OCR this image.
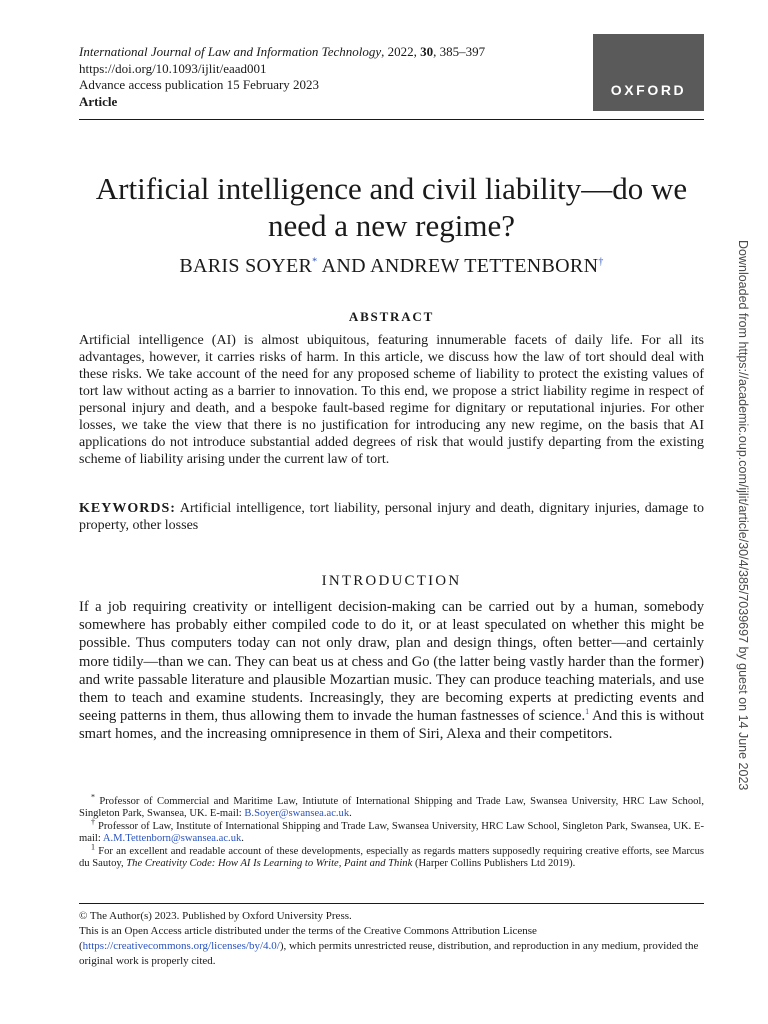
International Journal of Law and Information Technology, 2022, 30, 385–397
https://doi.org/10.1093/ijlit/eaad001
Advance access publication 15 February 2023
Article
OXFORD
Artificial intelligence and civil liability—do we need a new regime?
BARIS SOYER* AND ANDREW TETTENBORN†
ABSTRACT

Artificial intelligence (AI) is almost ubiquitous, featuring innumerable facets of daily life. For all its advantages, however, it carries risks of harm. In this article, we discuss how the law of tort should deal with these risks. We take account of the need for any proposed scheme of liability to protect the existing values of tort law without acting as a barrier to innovation. To this end, we propose a strict liability regime in respect of personal injury and death, and a bespoke fault-based regime for dignitary or reputational injuries. For other losses, we take the view that there is no justification for introducing any new regime, on the basis that AI applications do not introduce substantial added degrees of risk that would justify departing from the existing scheme of liability arising under the current law of tort.

KEYWORDS: Artificial intelligence, tort liability, personal injury and death, dignitary injuries, damage to property, other losses

INTRODUCTION

If a job requiring creativity or intelligent decision-making can be carried out by a human, somebody somewhere has probably either compiled code to do it, or at least speculated on whether this might be possible. Thus computers today can not only draw, plan and design things, often better—and certainly more tidily—than we can. They can beat us at chess and Go (the latter being vastly harder than the former) and write passable literature and plausible Mozartian music. They can produce teaching materials, and use them to teach and examine students. Increasingly, they are becoming experts at predicting events and seeing patterns in them, thus allowing them to invade the human fastnesses of science.$^1$ And this is without smart homes, and the increasing omnipresence in them of Siri, Alexa and their competitors.

* Professor of Commercial and Maritime Law, Intiutute of International Shipping and Trade Law, Swansea University, HRC Law School, Singleton Park, Swansea, UK. E-mail: B.Soyer@swansea.ac.uk.

† Professor of Law, Institute of International Shipping and Trade Law, Swansea University, HRC Law School, Singleton Park, Swansea, UK. E-mail: A.M.Tettenborn@swansea.ac.uk.

$^1$ For an excellent and readable account of these developments, especially as regards matters supposedly requiring creative efforts, see Marcus du Sautoy, The Creativity Code: How AI Is Learning to Write, Paint and Think (Harper Collins Publishers Ltd 2019).

© The Author(s) 2023. Published by Oxford University Press.
This is an Open Access article distributed under the terms of the Creative Commons Attribution License (https://creativecommons.org/licenses/by/4.0/), which permits unrestricted reuse, distribution, and reproduction in any medium, provided the original work is properly cited.

Downloaded from https://academic.oup.com/ijlit/article/30/4/385/7039697 by guest on 14 June 2023
